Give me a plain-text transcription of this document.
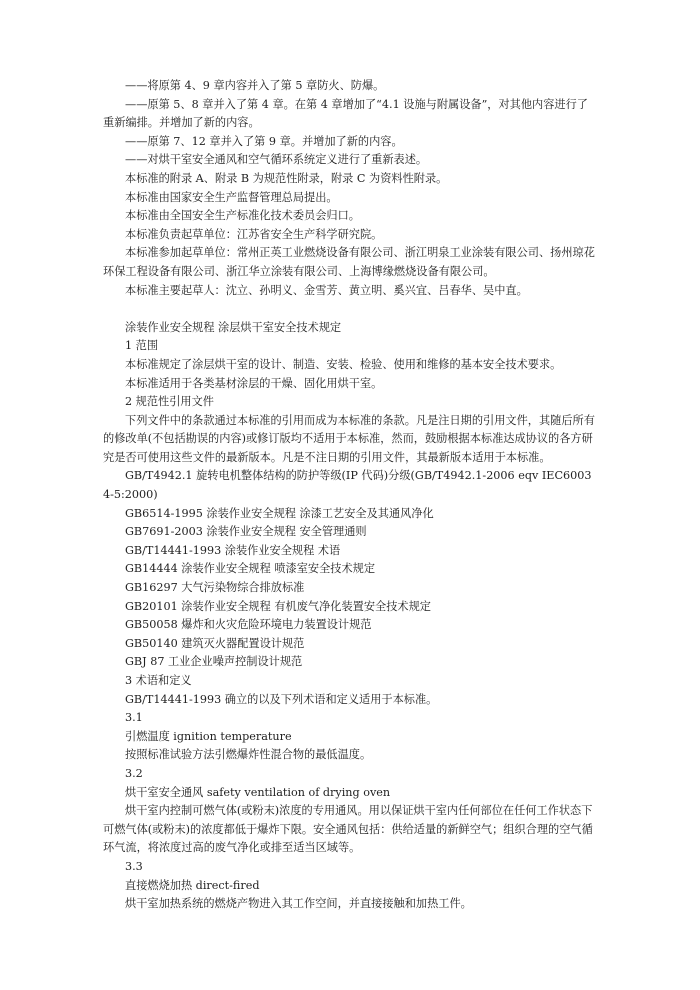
——将原第 4、9 章内容并入了第 5 章防火、防爆。

——原第 5、8 章并入了第 4 章。在第 4 章增加了“4.1 设施与附属设备”，对其他内容进行了重新编排。并增加了新的内容。

——原第 7、12 章并入了第 9 章。并增加了新的内容。

——对烘干室安全通风和空气循环系统定义进行了重新表述。

本标准的附录 A、附录 B 为规范性附录，附录 C 为资料性附录。

本标准由国家安全生产监督管理总局提出。

本标准由全国安全生产标准化技术委员会归口。

本标准负责起草单位：江苏省安全生产科学研究院。

本标准参加起草单位：常州正英工业燃烧设备有限公司、浙江明泉工业涂装有限公司、扬州琼花环保工程设备有限公司、浙江华立涂装有限公司、上海博缘燃烧设备有限公司。

本标准主要起草人：沈立、孙明义、金雪芳、黄立明、奚兴宜、吕春华、吴中直。

涂装作业安全规程 涂层烘干室安全技术规定

1 范围

本标准规定了涂层烘干室的设计、制造、安装、检验、使用和维修的基本安全技术要求。

本标准适用于各类基材涂层的干燥、固化用烘干室。

2 规范性引用文件

下列文件中的条款通过本标准的引用而成为本标准的条款。凡是注日期的引用文件，其随后所有的修改单(不包括勘误的内容)或修订版均不适用于本标准，然而，鼓励根据本标准达成协议的各方研究是否可使用这些文件的最新版本。凡是不注日期的引用文件，其最新版本适用于本标准。

GB/T4942.1 旋转电机整体结构的防护等级(IP 代码)分级(GB/T4942.1-2006 eqv IEC60034-5:2000)

GB6514-1995 涂装作业安全规程 涂漆工艺安全及其通风净化

GB7691-2003 涂装作业安全规程 安全管理通则

GB/T14441-1993 涂装作业安全规程 术语

GB14444 涂装作业安全规程 喷漆室安全技术规定

GB16297 大气污染物综合排放标准

GB20101 涂装作业安全规程 有机废气净化装置安全技术规定

GB50058 爆炸和火灾危险环境电力装置设计规范

GB50140 建筑灭火器配置设计规范

GBJ 87 工业企业噪声控制设计规范

3 术语和定义

GB/T14441-1993 确立的以及下列术语和定义适用于本标准。

3.1

引燃温度 ignition temperature

按照标准试验方法引燃爆炸性混合物的最低温度。

3.2

烘干室安全通风 safety ventilation of drying oven

烘干室内控制可燃气体(或粉末)浓度的专用通风。用以保证烘干室内任何部位在任何工作状态下可燃气体(或粉末)的浓度都低于爆炸下限。安全通风包括：供给适量的新鲜空气；组织合理的空气循环气流，将浓度过高的废气净化或排至适当区域等。

3.3

直接燃烧加热 direct-fired

烘干室加热系统的燃烧产物进入其工作空间，并直接接触和加热工件。
